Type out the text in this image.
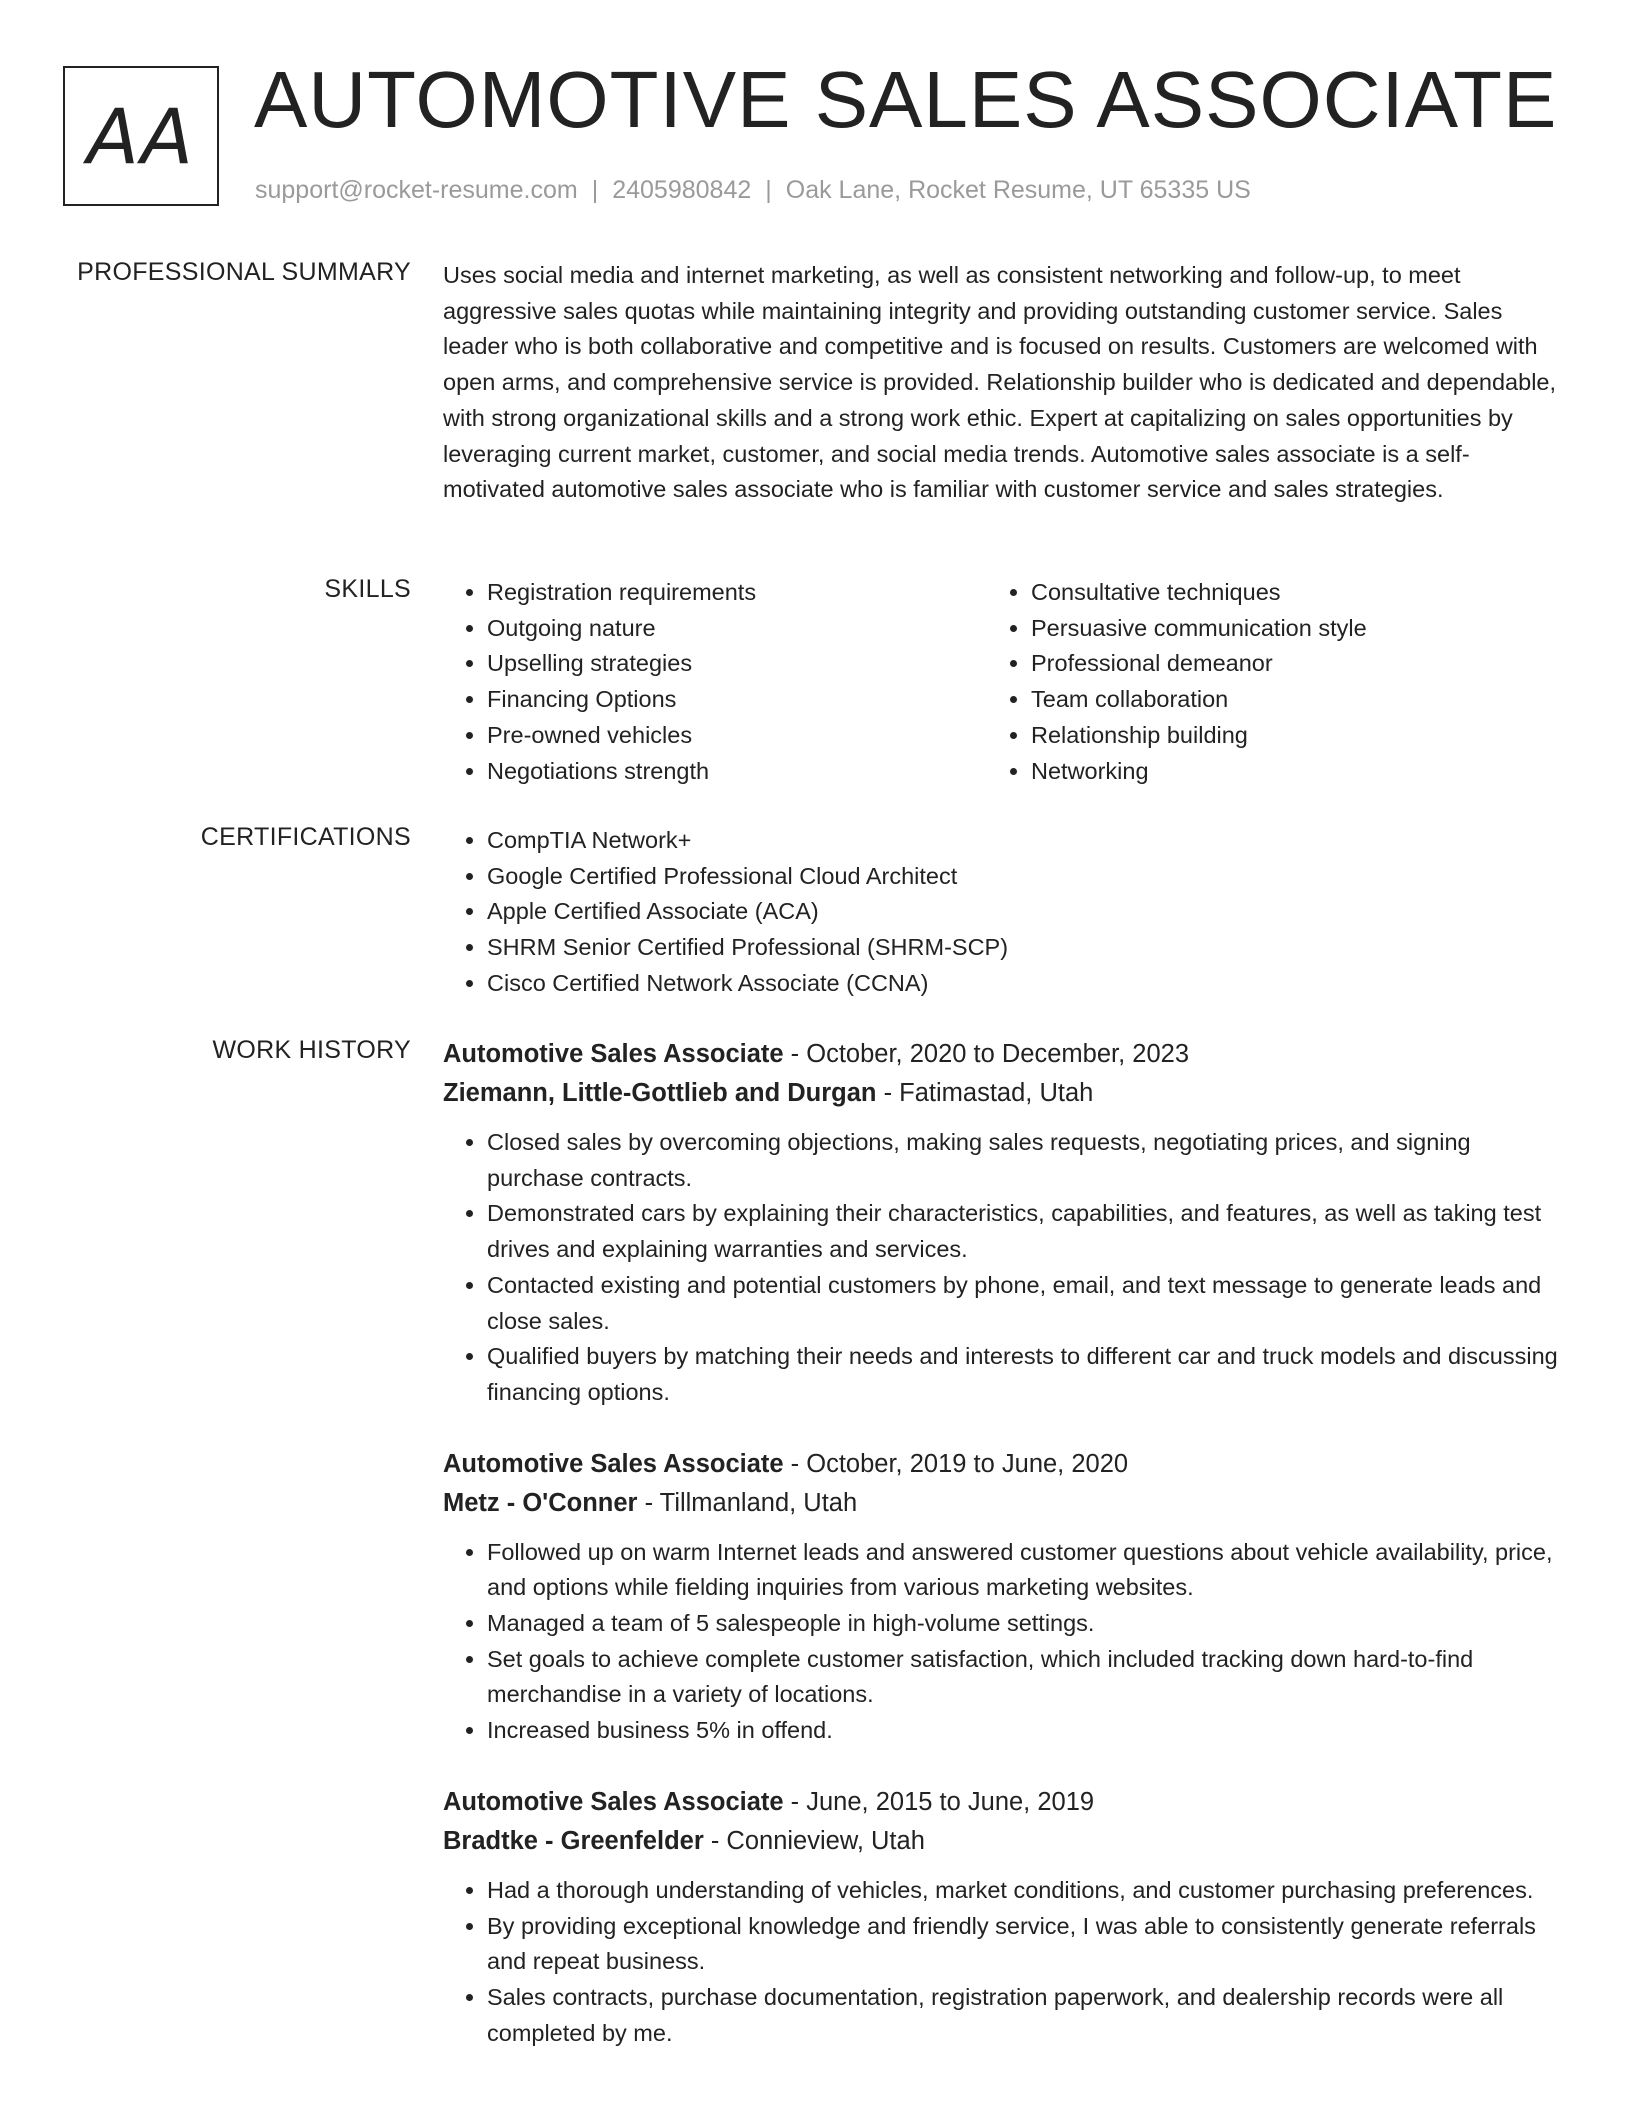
AA AUTOMOTIVE SALES ASSOCIATE
support@rocket-resume.com | 2405980842 | Oak Lane, Rocket Resume, UT 65335 US
PROFESSIONAL SUMMARY Uses social media and internet marketing, as well as consistent networking and follow-up, to meet aggressive sales quotas while maintaining integrity and providing outstanding customer service. Sales leader who is both collaborative and competitive and is focused on results. Customers are welcomed with open arms, and comprehensive service is provided. Relationship builder who is dedicated and dependable, with strong organizational skills and a strong work ethic. Expert at capitalizing on sales opportunities by leveraging current market, customer, and social media trends. Automotive sales associate is a self-motivated automotive sales associate who is familiar with customer service and sales strategies.

SKILLS	• Registration requirements
• Outgoing nature
• Upselling strategies
• Financing Options
• Pre-owned vehicles
• Negotiations strength
• Consultative techniques
• Persuasive communication style
• Professional demeanor
• Team collaboration
• Relationship building
• Networking
CERTIFICATIONS	• CompTIA Network+
• Google Certified Professional Cloud Architect
• Apple Certified Associate (ACA)
• SHRM Senior Certified Professional (SHRM-SCP)
• Cisco Certified Network Associate (CCNA)
WORK HISTORY Automotive Sales Associate - October, 2020 to December, 2023
Ziemann, Little-Gottlieb and Durgan - Fatimastad, Utah
• Closed sales by overcoming objections, making sales requests, negotiating prices, and signing purchase contracts.
• Demonstrated cars by explaining their characteristics, capabilities, and features, as well as taking test drives and explaining warranties and services.
• Contacted existing and potential customers by phone, email, and text message to generate leads and close sales.
• Qualified buyers by matching their needs and interests to different car and truck models and discussing financing options.
Automotive Sales Associate - October, 2019 to June, 2020
Metz - O'Conner - Tillmanland, Utah
• Followed up on warm Internet leads and answered customer questions about vehicle availability, price, and options while fielding inquiries from various marketing websites.
• Managed a team of 5 salespeople in high-volume settings.
• Set goals to achieve complete customer satisfaction, which included tracking down hard-to-find merchandise in a variety of locations.
• Increased business 5% in offend.
Automotive Sales Associate - June, 2015 to June, 2019
Bradtke - Greenfelder - Connieview, Utah
• Had a thorough understanding of vehicles, market conditions, and customer purchasing preferences.
• By providing exceptional knowledge and friendly service, I was able to consistently generate referrals and repeat business.
• Sales contracts, purchase documentation, registration paperwork, and dealership records were all completed by me.
